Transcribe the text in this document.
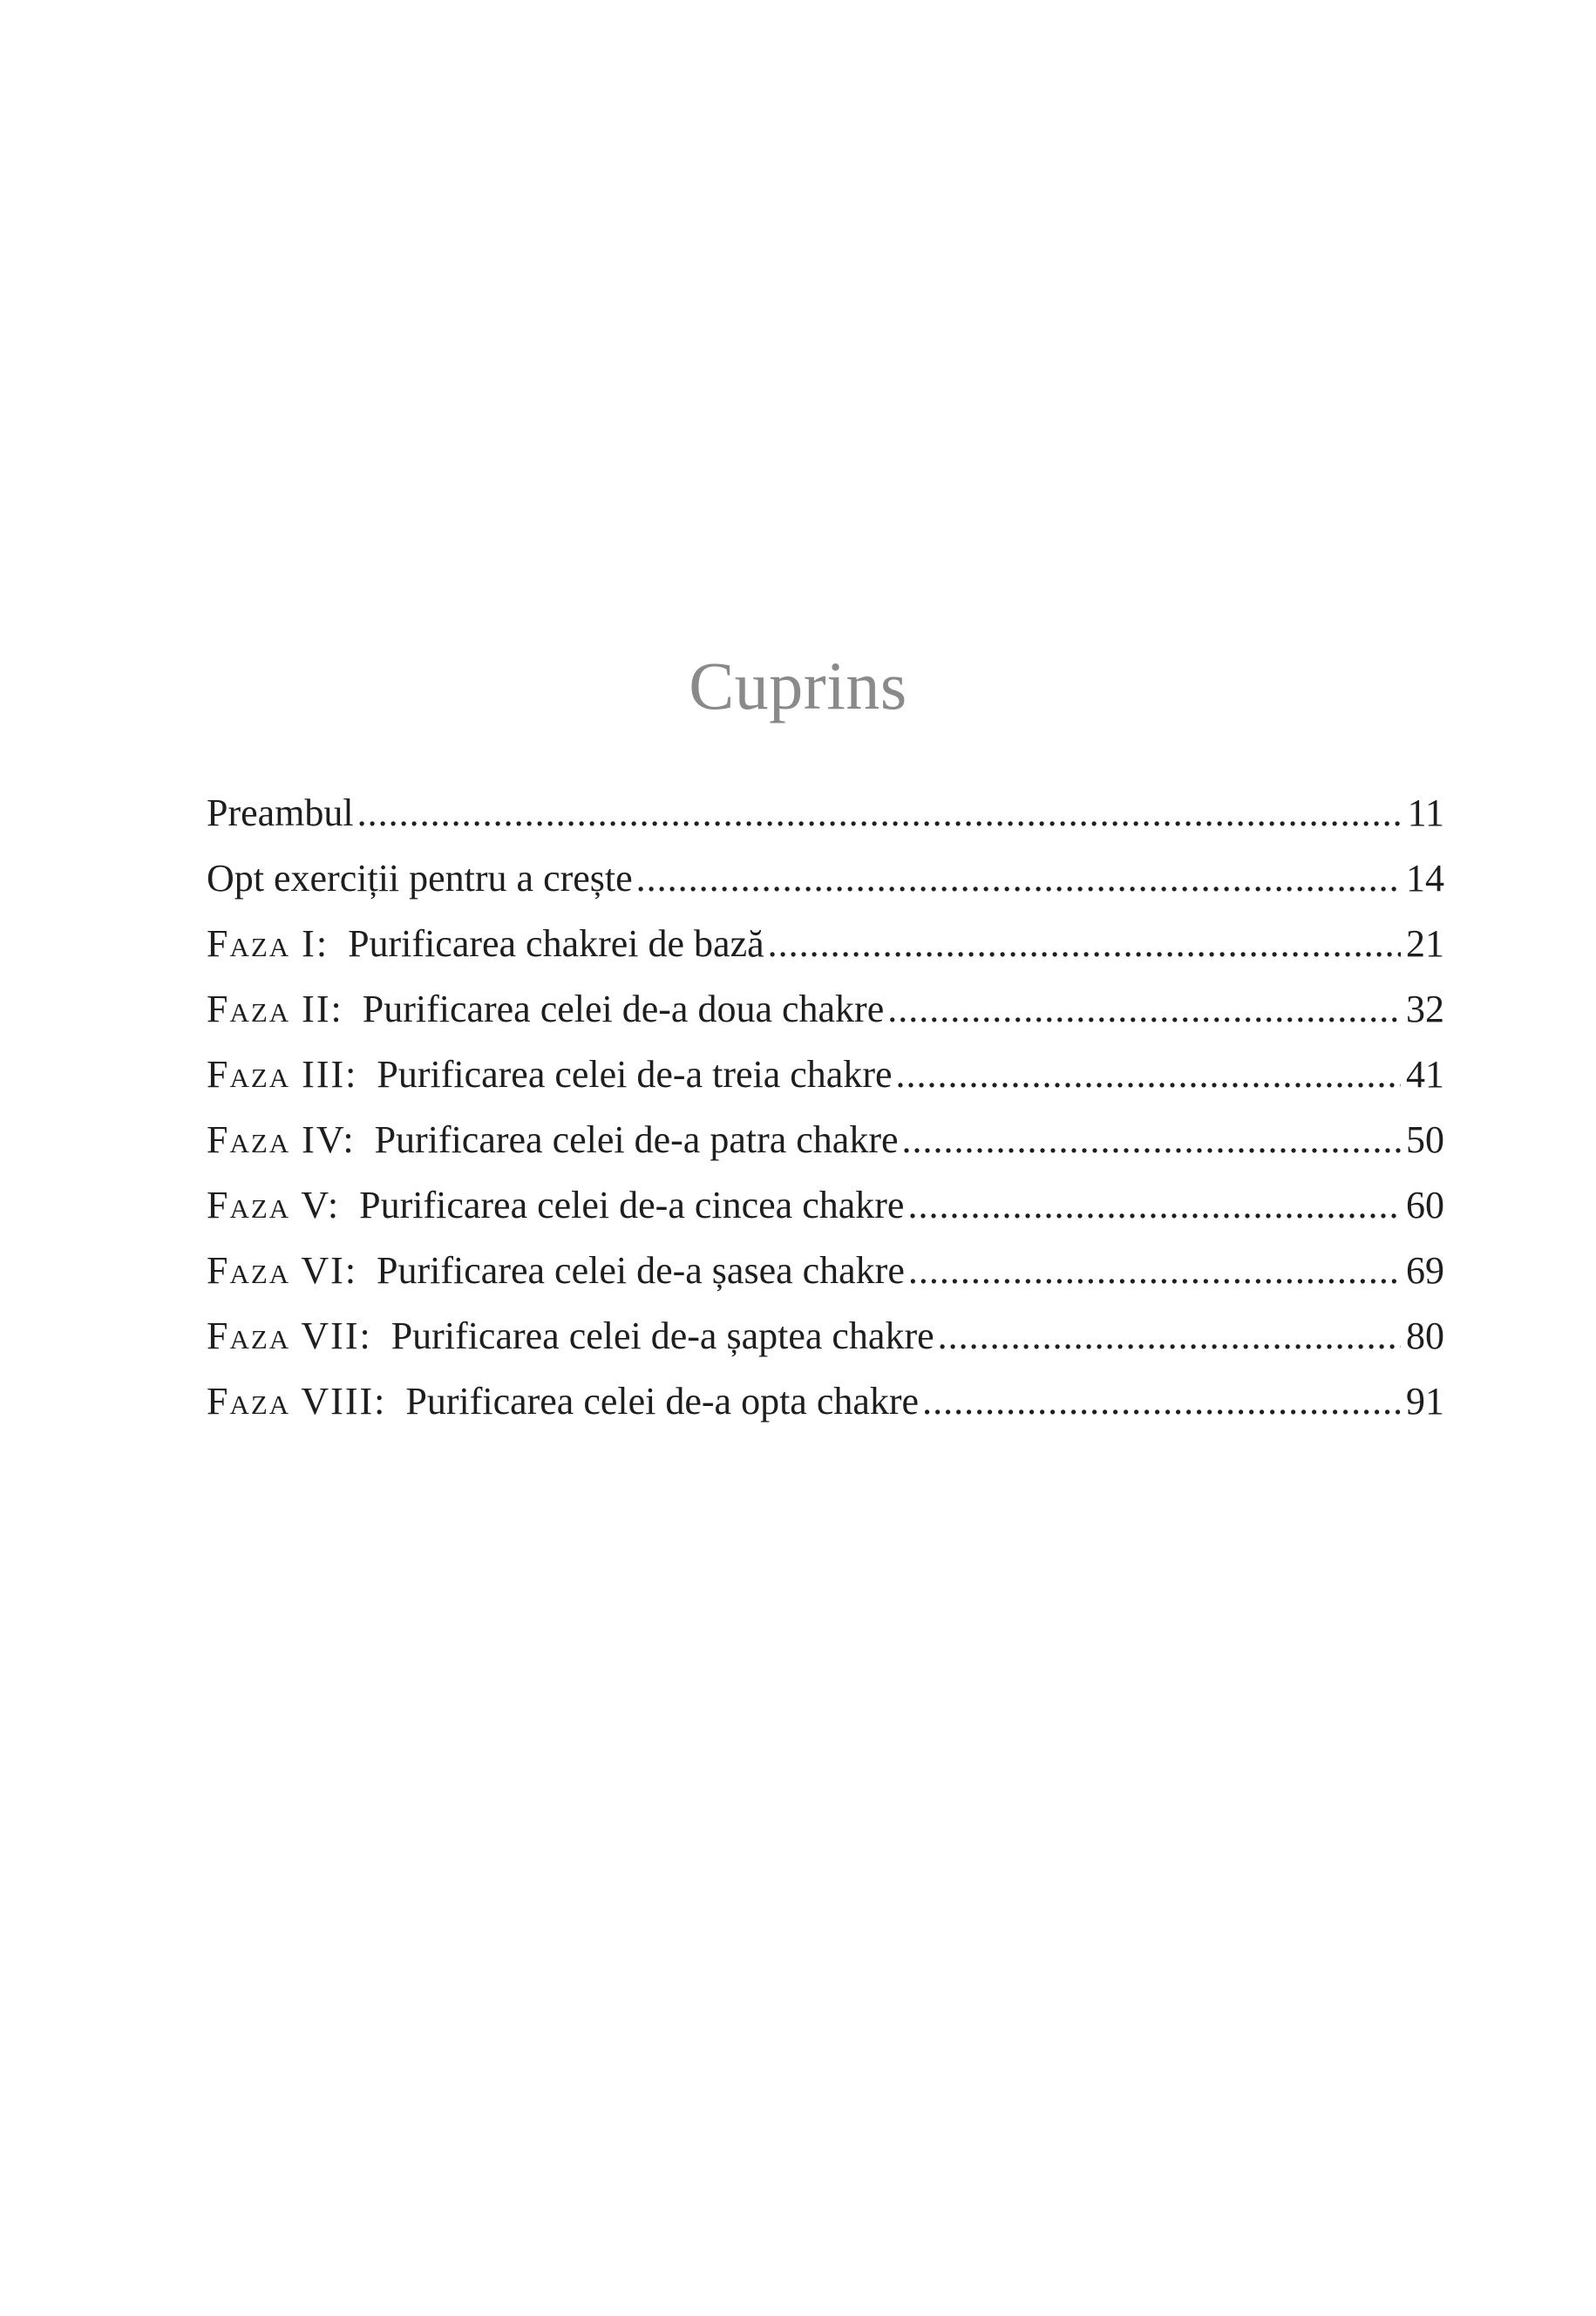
Cuprins
Preambul .....	11
Opt exerciții pentru a crește .....	14
Faza I: Purificarea chakrei de bază .....	21
Faza II: Purificarea celei de-a doua chakre .....	32
Faza III: Purificarea celei de-a treia chakre .....	41
Faza IV: Purificarea celei de-a patra chakre .....	50
Faza V: Purificarea celei de-a cincea chakre .....	60
Faza VI: Purificarea celei de-a șasea chakre .....	69
Faza VII: Purificarea celei de-a șaptea chakre .....	80
Faza VIII: Purificarea celei de-a opta chakre .....	91
